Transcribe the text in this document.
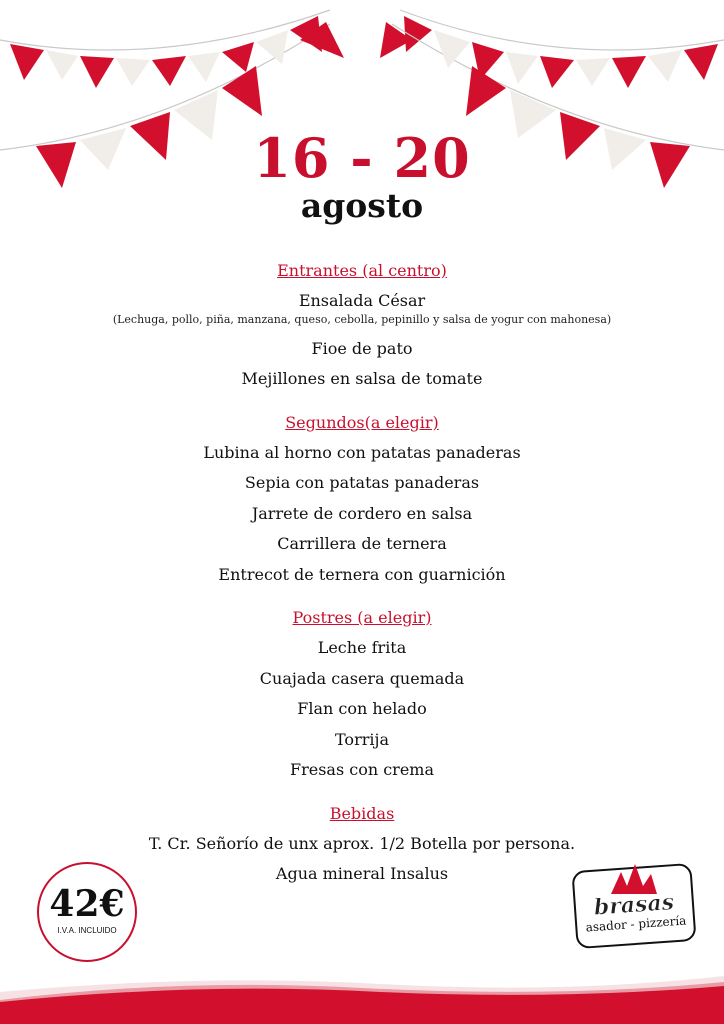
16 - 20
agosto
Entrantes (al centro)
Ensalada César
(Lechuga, pollo, piña, manzana, queso, cebolla, pepinillo y salsa de yogur con mahonesa)
Fioe de pato
Mejillones en salsa de tomate
Segundos(a elegir)
Lubina al horno con patatas panaderas
Sepia con patatas panaderas
Jarrete de cordero en salsa
Carrillera de ternera
Entrecot de ternera con guarnición
Postres (a elegir)
Leche frita
Cuajada casera quemada
Flan con helado
Torrija
Fresas con crema
Bebidas
T. Cr. Señorío de unx aprox. 1/2 Botella por persona.
Agua mineral Insalus
42€
I.V.A. INCLUIDO
brasas
asador - pizzería
